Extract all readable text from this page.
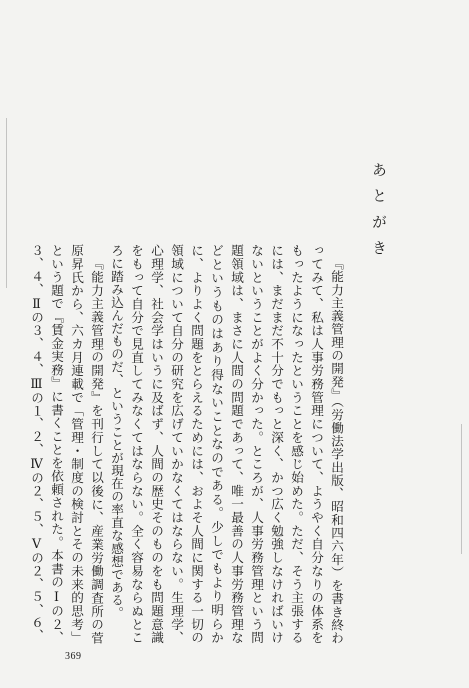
あとがき

『能力主義管理の開発』（労働法学出版、昭和四六年）を書き終わってみて、私は人事労務管理について、ようやく自分なりの体系をもったようになったということを感じ始めた。ただ、そう主張するには、まだまだ不十分でもっと深く、かつ広く勉強しなければいけないということがよく分かった。ところが、人事労務管理という問題領域は、まさに人間の問題であって、唯一最善の人事労務管理などというものはあり得ないことなのである。少しでもより明らかに、よりよく問題をとらえるためには、およそ人間に関する一切の領域について自分の研究を広げていかなくてはならない。生理学、心理学、社会学はいうに及ばず、人間の歴史そのものをも問題意識をもって自分で見直してみなくてはならない。全く容易ならぬところに踏み込んだものだ、ということが現在の率直な感想である。

『能力主義管理の開発』を刊行して以後に、産業労働調査所の菅原昇氏から、六カ月連載で「管理・制度の検討とその未来的思考」という題で『賃金実務』に書くことを依頼された。本書のⅠの２、３、４、Ⅱの３、４、Ⅲの１、２、Ⅳの２、５、Ⅴの２、５、６、

369
